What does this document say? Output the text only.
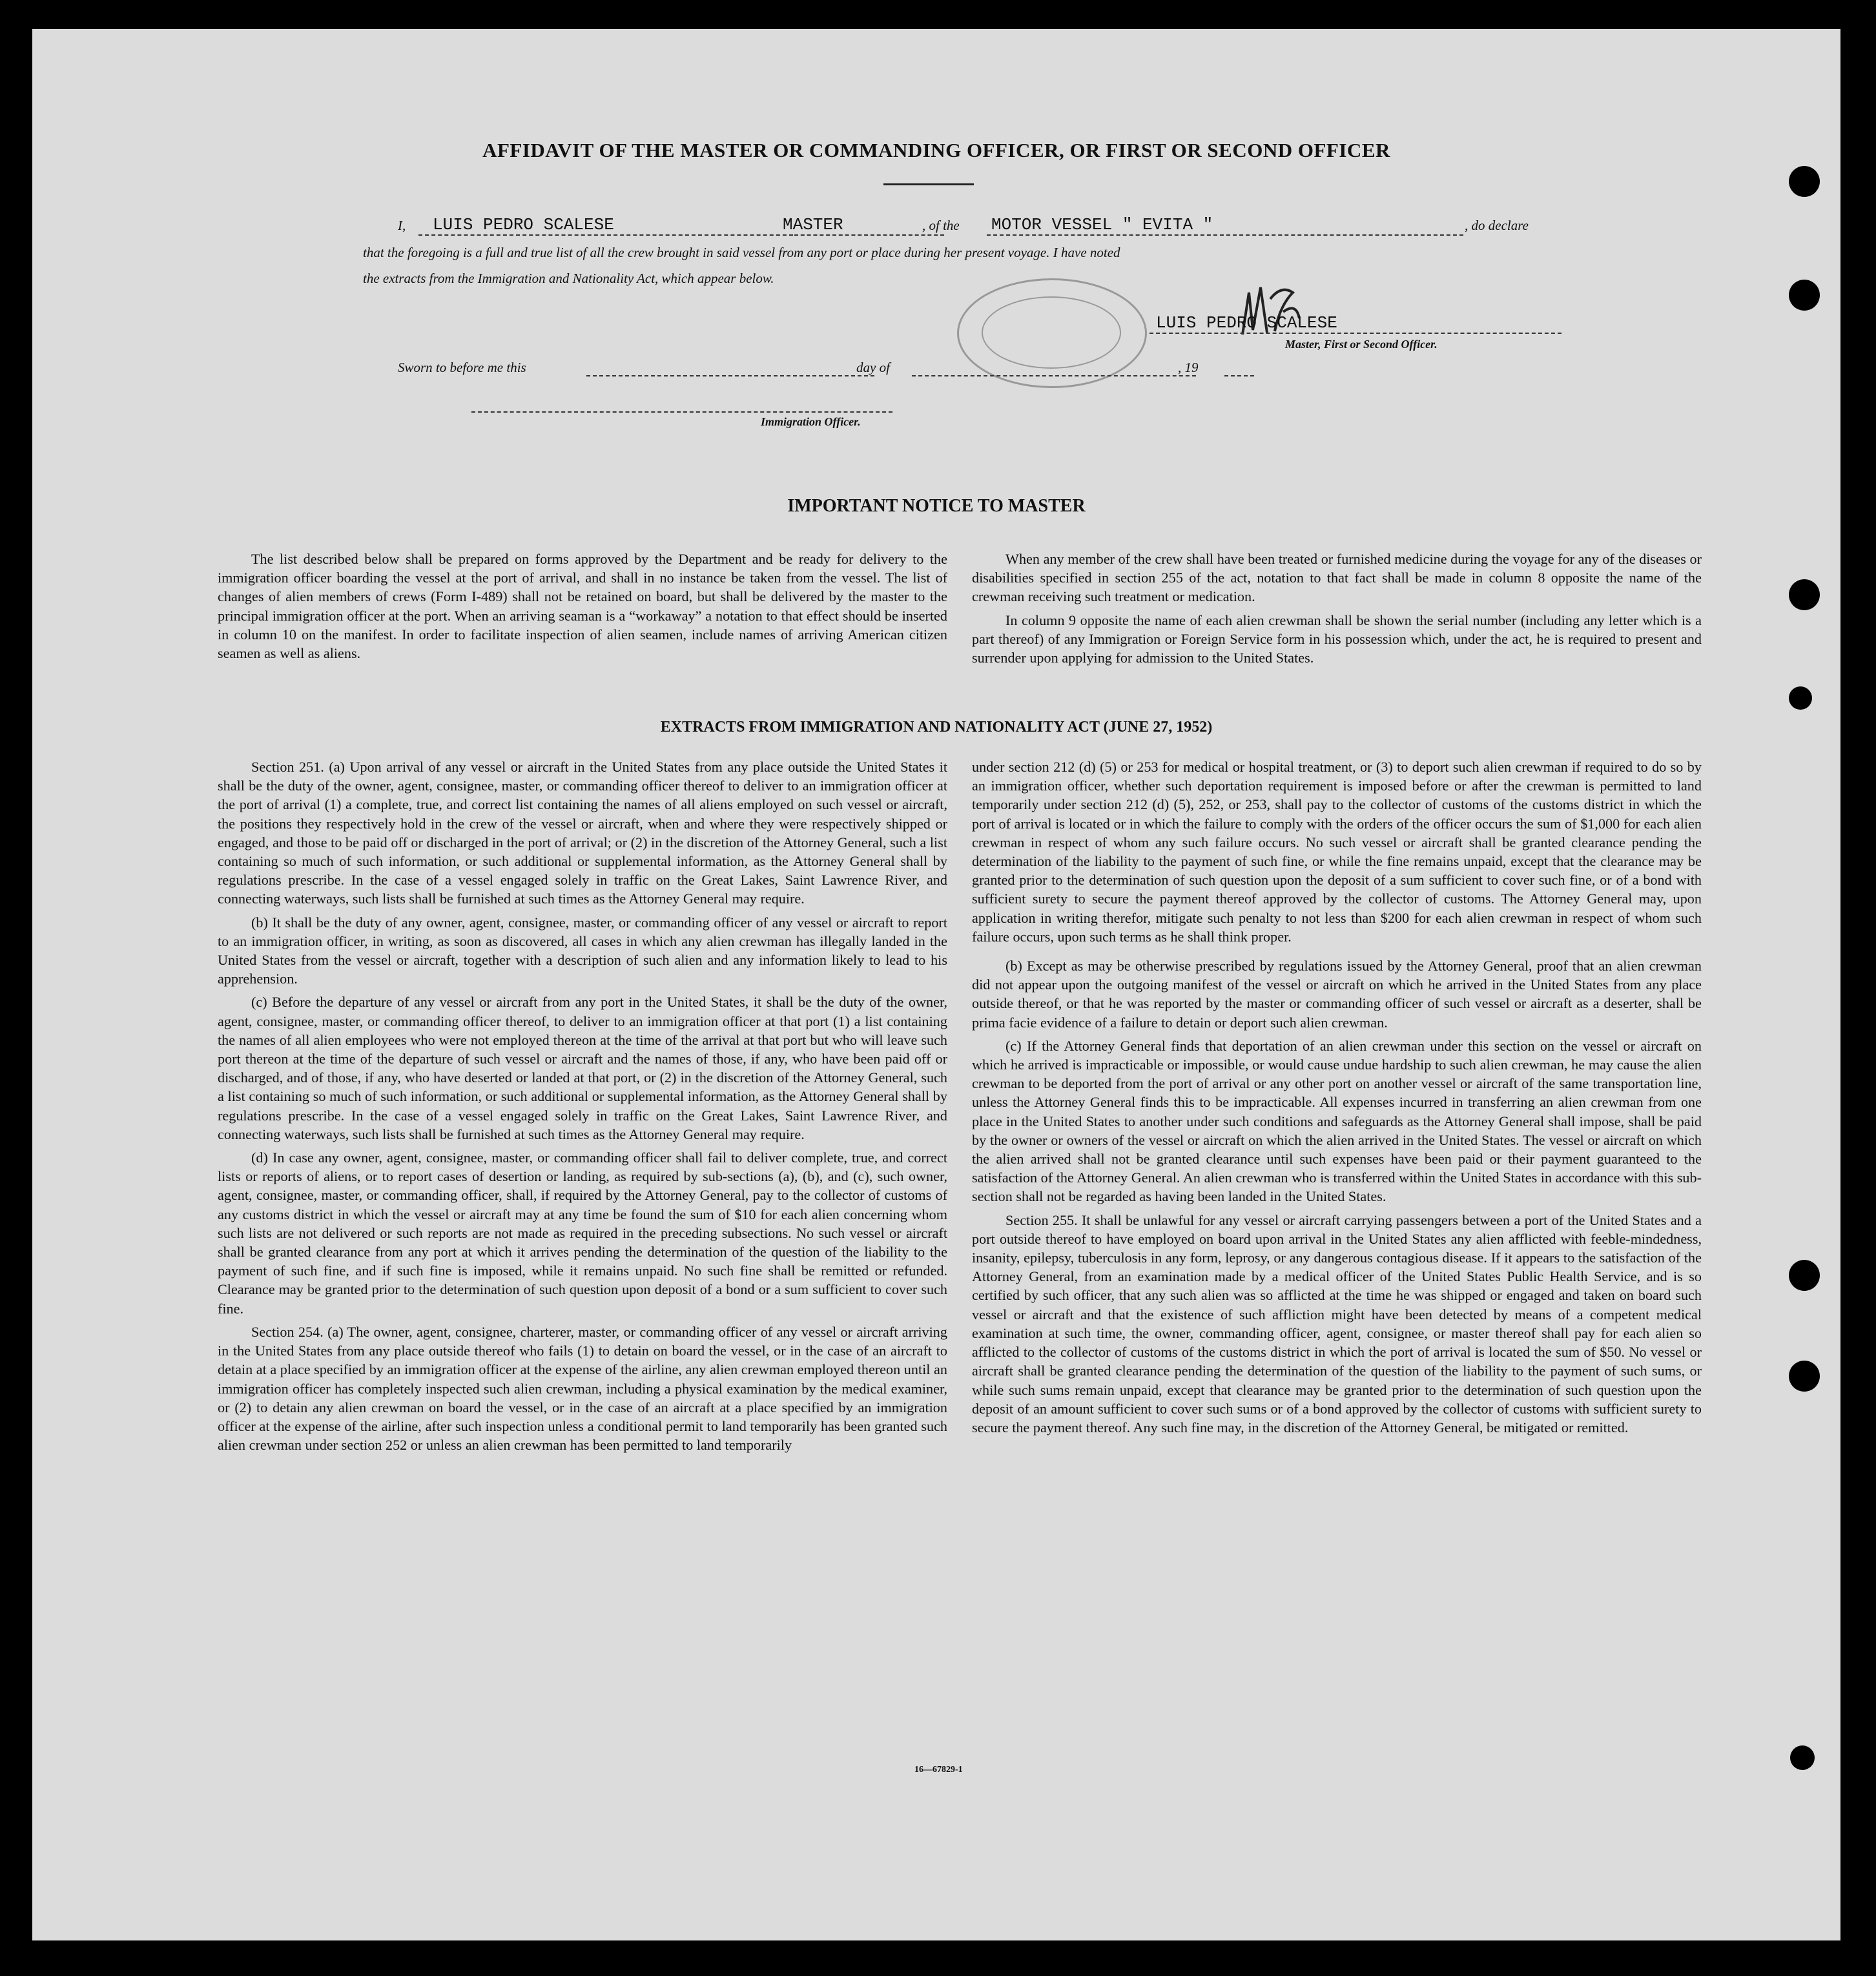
AFFIDAVIT OF THE MASTER OR COMMANDING OFFICER, OR FIRST OR SECOND OFFICER
I, LUIS PEDRO SCALESE	MASTER	, of the MOTOR VESSEL " EVITA "	, do declare
that the foregoing is a full and true list of all the crew brought in said vessel from any port or place during her present voyage. I have noted
the extracts from the Immigration and Nationality Act, which appear below.
LUIS PEDRO SCALESE
Master, First or Second Officer.
Sworn to before me this	day of	, 19
Immigration Officer.
IMPORTANT NOTICE TO MASTER

The list described below shall be prepared on forms approved by the Department and be ready for delivery to the immigration officer boarding the vessel at the port of arrival, and shall in no instance be taken from the vessel. The list of changes of alien members of crews (Form I-489) shall not be retained on board, but shall be delivered by the master to the principal immigration officer at the port. When an arriving seaman is a “workaway” a notation to that effect should be inserted in column 10 on the manifest. In order to facilitate inspection of alien seamen, include names of arriving American citizen seamen as well as aliens.

When any member of the crew shall have been treated or furnished medicine during the voyage for any of the diseases or disabilities specified in section 255 of the act, notation to that fact shall be made in column 8 opposite the name of the crewman receiving such treatment or medication.

In column 9 opposite the name of each alien crewman shall be shown the serial number (including any letter which is a part thereof) of any Immigration or Foreign Service form in his possession which, under the act, he is required to present and surrender upon applying for admission to the United States.

EXTRACTS FROM IMMIGRATION AND NATIONALITY ACT (JUNE 27, 1952)

Section 251. (a) Upon arrival of any vessel or aircraft in the United States from any place outside the United States it shall be the duty of the owner, agent, consignee, master, or commanding officer thereof to deliver to an immigration officer at the port of arrival (1) a complete, true, and correct list containing the names of all aliens employed on such vessel or aircraft, the positions they respectively hold in the crew of the vessel or aircraft, when and where they were respectively shipped or engaged, and those to be paid off or discharged in the port of arrival; or (2) in the discretion of the Attorney General, such a list containing so much of such information, or such additional or supplemental information, as the Attorney General shall by regulations prescribe. In the case of a vessel engaged solely in traffic on the Great Lakes, Saint Lawrence River, and connecting waterways, such lists shall be furnished at such times as the Attorney General may require.

(b) It shall be the duty of any owner, agent, consignee, master, or commanding officer of any vessel or aircraft to report to an immigration officer, in writing, as soon as discovered, all cases in which any alien crewman has illegally landed in the United States from the vessel or aircraft, together with a description of such alien and any information likely to lead to his apprehension.

(c) Before the departure of any vessel or aircraft from any port in the United States, it shall be the duty of the owner, agent, consignee, master, or commanding officer thereof, to deliver to an immigration officer at that port (1) a list containing the names of all alien employees who were not employed thereon at the time of the arrival at that port but who will leave such port thereon at the time of the departure of such vessel or aircraft and the names of those, if any, who have been paid off or discharged, and of those, if any, who have deserted or landed at that port, or (2) in the discretion of the Attorney General, such a list containing so much of such information, or such additional or supplemental information, as the Attorney General shall by regulations prescribe. In the case of a vessel engaged solely in traffic on the Great Lakes, Saint Lawrence River, and connecting waterways, such lists shall be furnished at such times as the Attorney General may require.

(d) In case any owner, agent, consignee, master, or commanding officer shall fail to deliver complete, true, and correct lists or reports of aliens, or to report cases of desertion or landing, as required by sub-sections (a), (b), and (c), such owner, agent, consignee, master, or commanding officer, shall, if required by the Attorney General, pay to the collector of customs of any customs district in which the vessel or aircraft may at any time be found the sum of $10 for each alien concerning whom such lists are not delivered or such reports are not made as required in the preceding subsections. No such vessel or aircraft shall be granted clearance from any port at which it arrives pending the determination of the question of the liability to the payment of such fine, and if such fine is imposed, while it remains unpaid. No such fine shall be remitted or refunded. Clearance may be granted prior to the determination of such question upon deposit of a bond or a sum sufficient to cover such fine.

Section 254. (a) The owner, agent, consignee, charterer, master, or commanding officer of any vessel or aircraft arriving in the United States from any place outside thereof who fails (1) to detain on board the vessel, or in the case of an aircraft to detain at a place specified by an immigration officer at the expense of the airline, any alien crewman employed thereon until an immigration officer has completely inspected such alien crewman, including a physical examination by the medical examiner, or (2) to detain any alien crewman on board the vessel, or in the case of an aircraft at a place specified by an immigration officer at the expense of the airline, after such inspection unless a conditional permit to land temporarily has been granted such alien crewman under section 252 or unless an alien crewman has been permitted to land temporarily

under section 212 (d) (5) or 253 for medical or hospital treatment, or (3) to deport such alien crewman if required to do so by an immigration officer, whether such deportation requirement is imposed before or after the crewman is permitted to land temporarily under section 212 (d) (5), 252, or 253, shall pay to the collector of customs of the customs district in which the port of arrival is located or in which the failure to comply with the orders of the officer occurs the sum of $1,000 for each alien crewman in respect of whom any such failure occurs. No such vessel or aircraft shall be granted clearance pending the determination of the liability to the payment of such fine, or while the fine remains unpaid, except that the clearance may be granted prior to the determination of such question upon the deposit of a sum sufficient to cover such fine, or of a bond with sufficient surety to secure the payment thereof approved by the collector of customs. The Attorney General may, upon application in writing therefor, mitigate such penalty to not less than $200 for each alien crewman in respect of whom such failure occurs, upon such terms as he shall think proper.

(b) Except as may be otherwise prescribed by regulations issued by the Attorney General, proof that an alien crewman did not appear upon the outgoing manifest of the vessel or aircraft on which he arrived in the United States from any place outside thereof, or that he was reported by the master or commanding officer of such vessel or aircraft as a deserter, shall be prima facie evidence of a failure to detain or deport such alien crewman.

(c) If the Attorney General finds that deportation of an alien crewman under this section on the vessel or aircraft on which he arrived is impracticable or impossible, or would cause undue hardship to such alien crewman, he may cause the alien crewman to be deported from the port of arrival or any other port on another vessel or aircraft of the same transportation line, unless the Attorney General finds this to be impracticable. All expenses incurred in transferring an alien crewman from one place in the United States to another under such conditions and safeguards as the Attorney General shall impose, shall be paid by the owner or owners of the vessel or aircraft on which the alien arrived in the United States. The vessel or aircraft on which the alien arrived shall not be granted clearance until such expenses have been paid or their payment guaranteed to the satisfaction of the Attorney General. An alien crewman who is transferred within the United States in accordance with this sub-section shall not be regarded as having been landed in the United States.

Section 255. It shall be unlawful for any vessel or aircraft carrying passengers between a port of the United States and a port outside thereof to have employed on board upon arrival in the United States any alien afflicted with feeble-mindedness, insanity, epilepsy, tuberculosis in any form, leprosy, or any dangerous contagious disease. If it appears to the satisfaction of the Attorney General, from an examination made by a medical officer of the United States Public Health Service, and is so certified by such officer, that any such alien was so afflicted at the time he was shipped or engaged and taken on board such vessel or aircraft and that the existence of such affliction might have been detected by means of a competent medical examination at such time, the owner, commanding officer, agent, consignee, or master thereof shall pay for each alien so afflicted to the collector of customs of the customs district in which the port of arrival is located the sum of $50. No vessel or aircraft shall be granted clearance pending the determination of the question of the liability to the payment of such sums, or while such sums remain unpaid, except that clearance may be granted prior to the determination of such question upon the deposit of an amount sufficient to cover such sums or of a bond approved by the collector of customs with sufficient surety to secure the payment thereof. Any such fine may, in the discretion of the Attorney General, be mitigated or remitted.

16—67829-1
